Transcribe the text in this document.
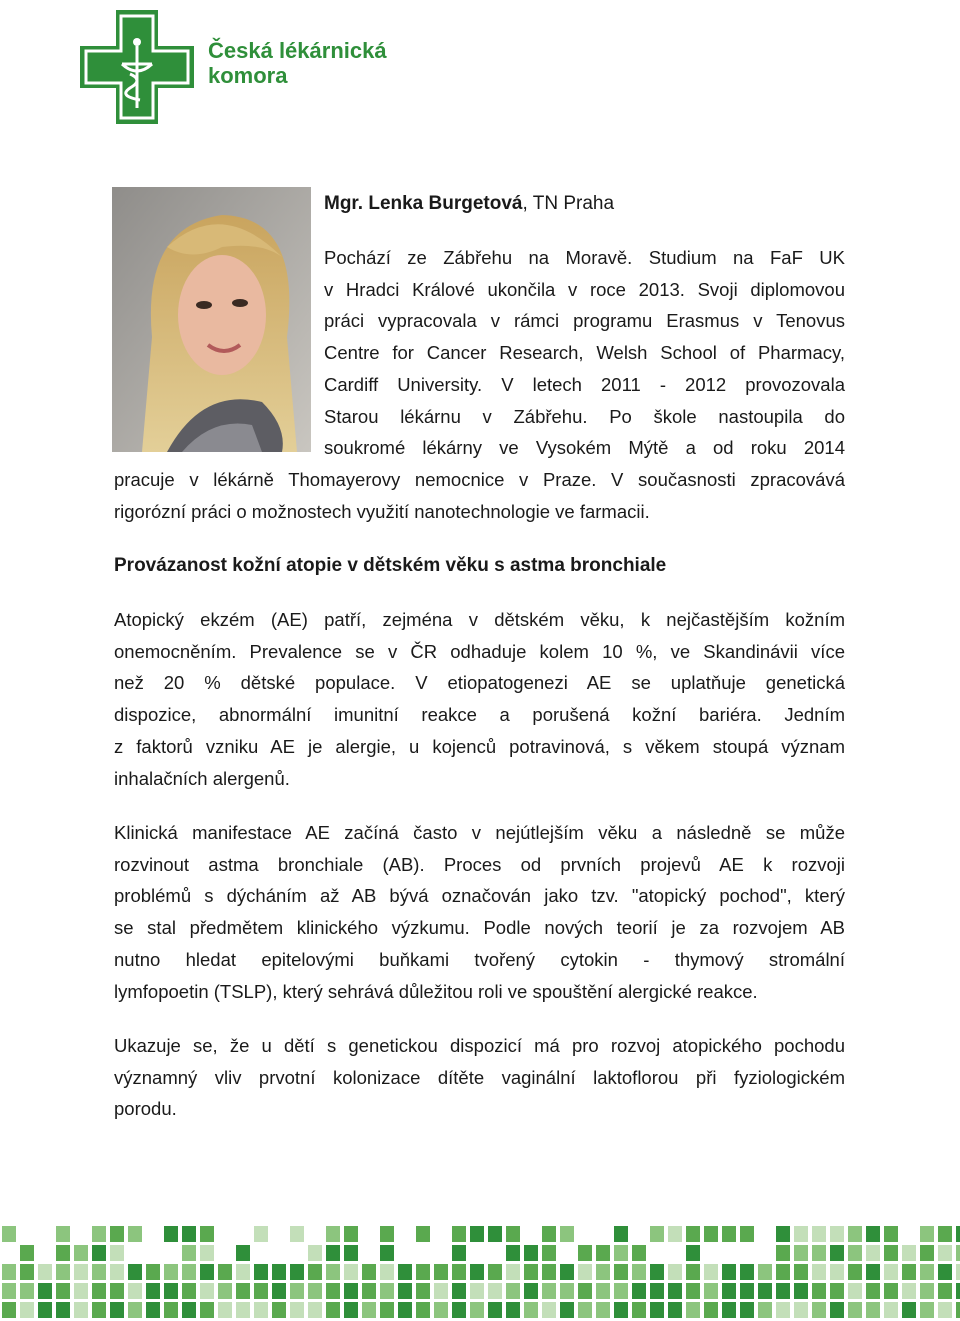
Česká lékárnická
komora
Mgr. Lenka Burgetová, TN Praha
Pochází ze Zábřehu na Moravě. Studium na FaF UK
v Hradci Králové ukončila v roce 2013. Svoji diplomovou
práci vypracovala v rámci programu Erasmus v Tenovus
Centre for Cancer Research, Welsh School of Pharmacy,
Cardiff University. V letech 2011 - 2012 provozovala
Starou lékárnu v Zábřehu. Po škole nastoupila do
soukromé lékárny ve Vysokém Mýtě a od roku 2014
pracuje v lékárně Thomayerovy nemocnice v Praze. V současnosti zpracovává
rigorózní práci o možnostech využití nanotechnologie ve farmacii.
Provázanost kožní atopie v dětském věku s astma bronchiale
Atopický ekzém (AE) patří, zejména v dětském věku, k nejčastějším kožním
onemocněním. Prevalence se v ČR odhaduje kolem 10 %, ve Skandinávii více
než 20 % dětské populace. V etiopatogenezi AE se uplatňuje genetická
dispozice, abnormální imunitní reakce a porušená kožní bariéra. Jedním
z faktorů vzniku AE je alergie, u kojenců potravinová, s věkem stoupá význam
inhalačních alergenů.
Klinická manifestace AE začíná často v nejútlejším věku a následně se může
rozvinout astma bronchiale (AB). Proces od prvních projevů AE k rozvoji
problémů s dýcháním až AB bývá označován jako tzv. "atopický pochod", který
se stal předmětem klinického výzkumu. Podle nových teorií je za rozvojem AB
nutno hledat epitelovými buňkami tvořený cytokin - thymový stromální
lymfopoetin (TSLP), který sehrává důležitou roli ve spouštění alergické reakce.
Ukazuje se, že u dětí s genetickou dispozicí má pro rozvoj atopického pochodu
významný vliv prvotní kolonizace dítěte vaginální laktoflorou při fyziologickém
porodu.
